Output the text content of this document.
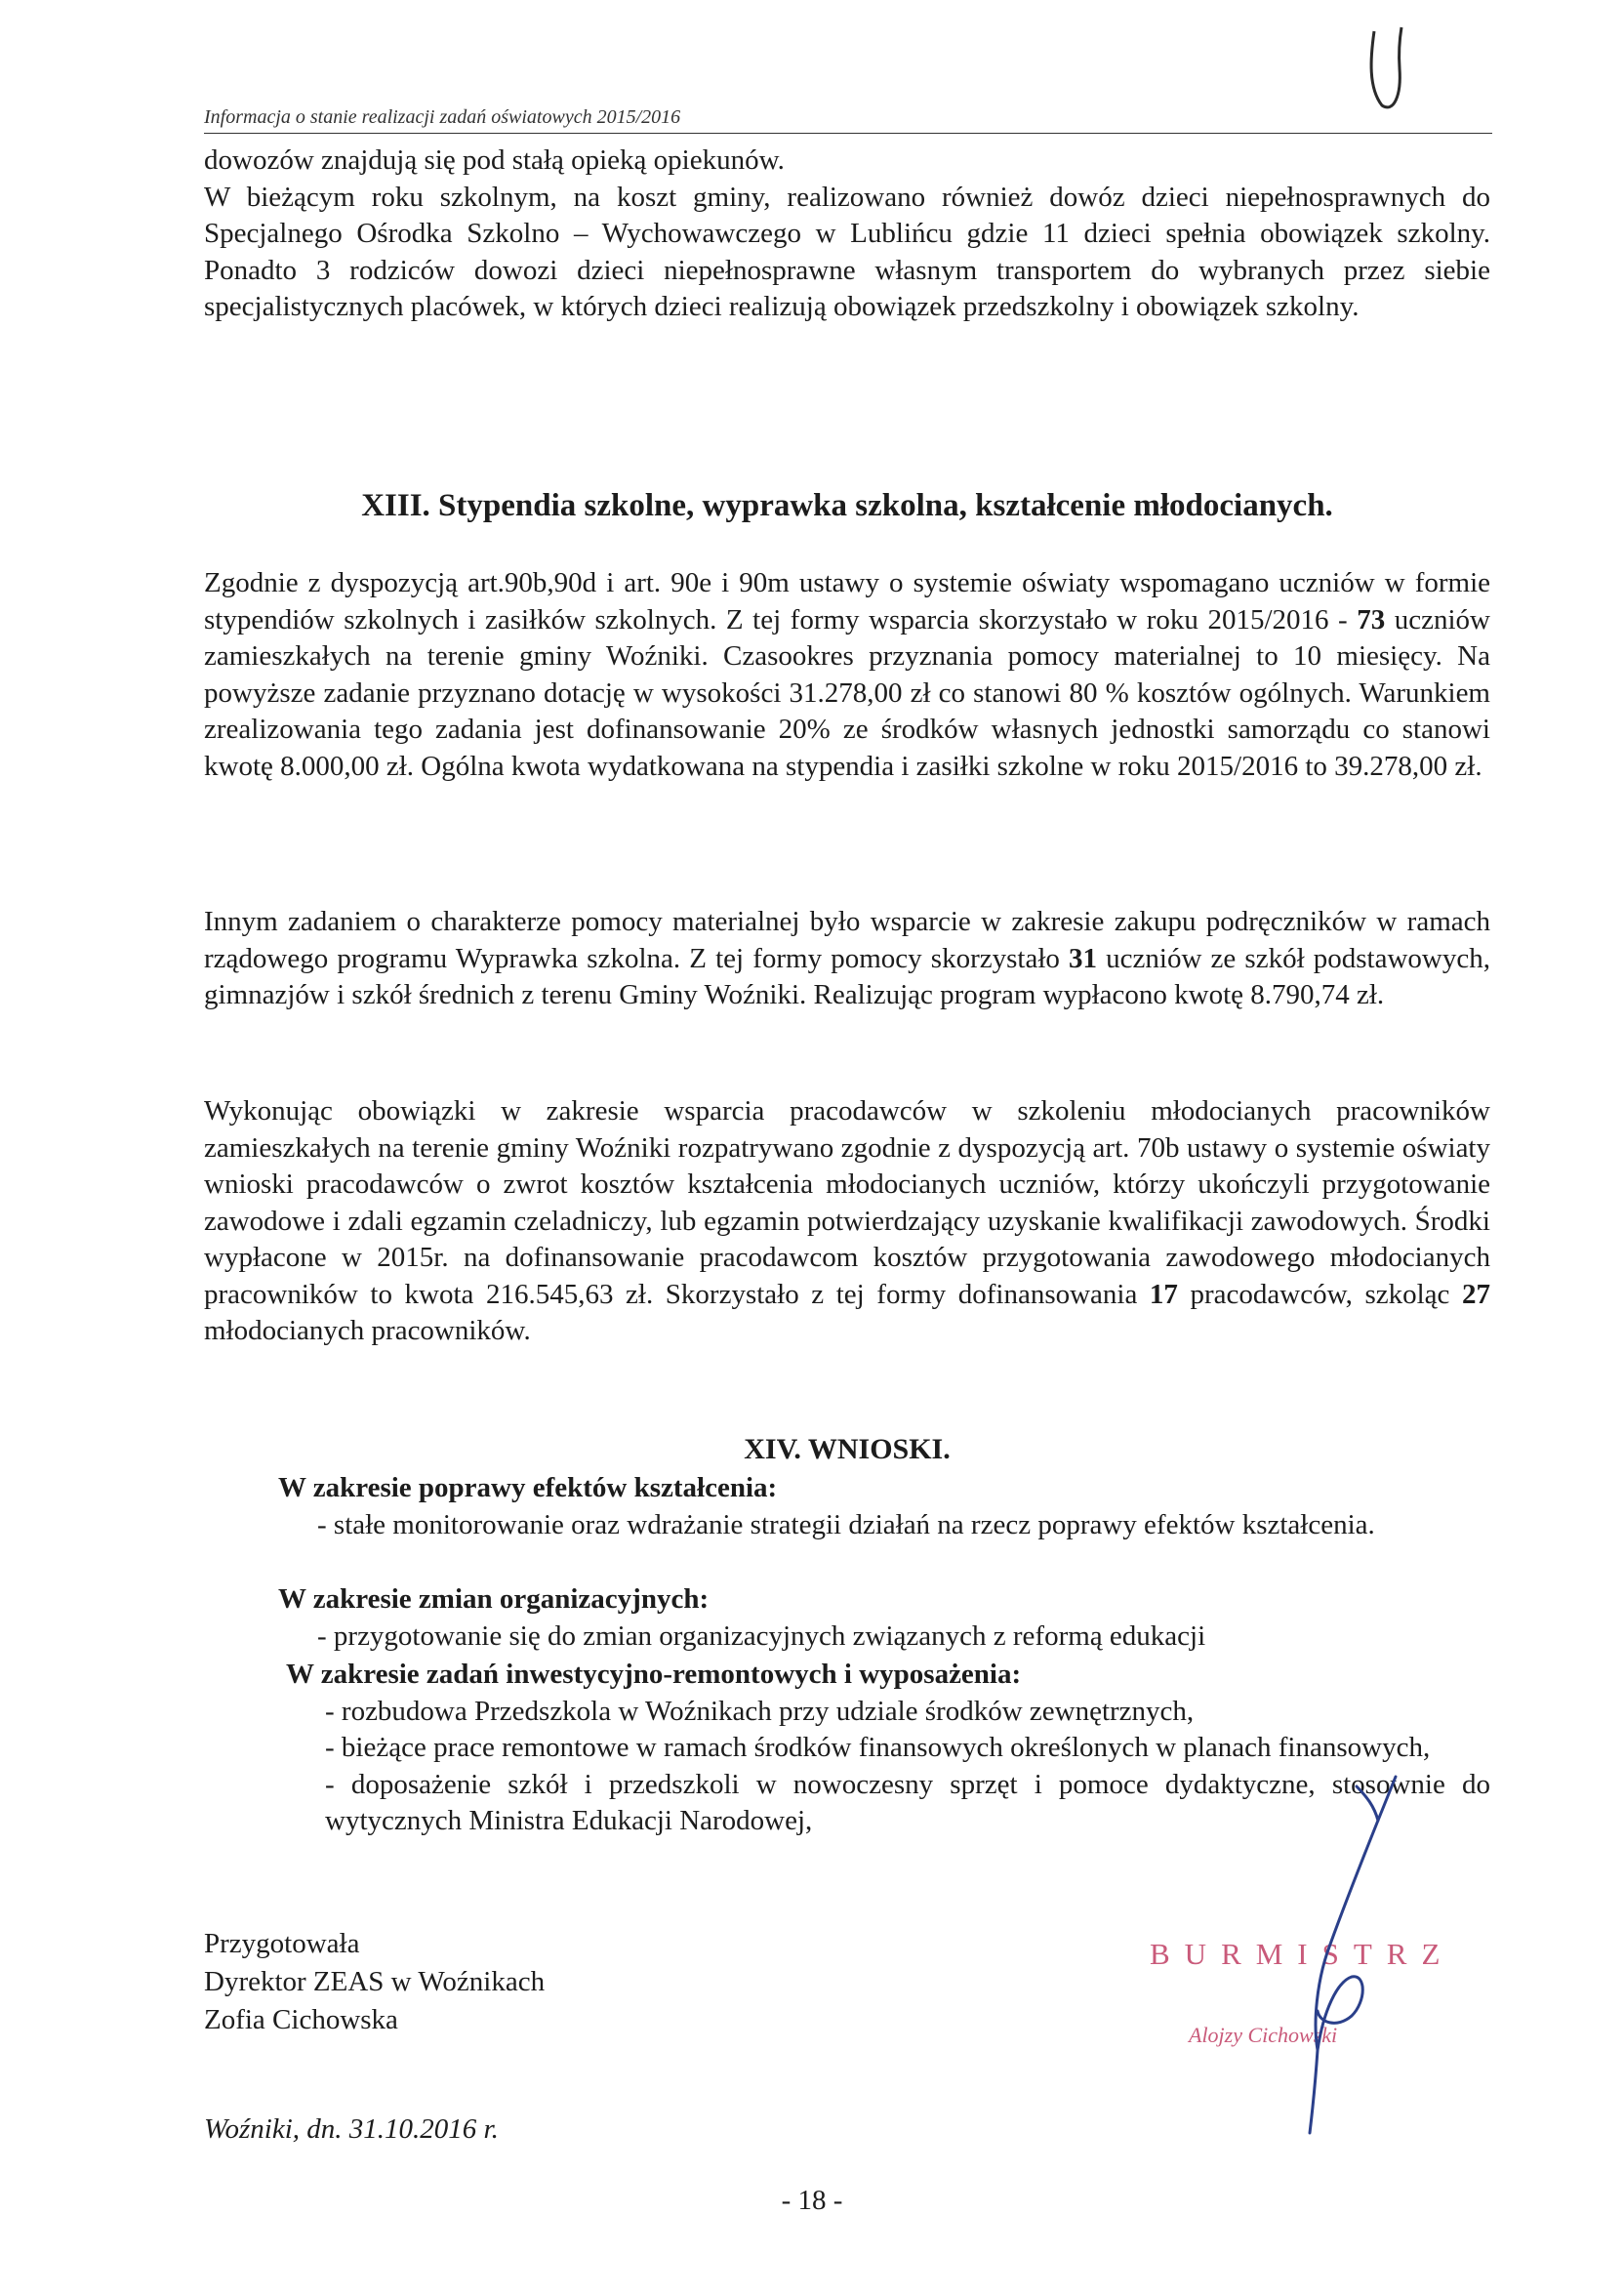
Informacja o stanie realizacji zadań oświatowych 2015/2016

dowozów znajdują się pod stałą opieką opiekunów.

W bieżącym roku szkolnym, na koszt gminy, realizowano również dowóz dzieci niepełnosprawnych do Specjalnego Ośrodka Szkolno – Wychowawczego w Lublińcu gdzie 11 dzieci spełnia obowiązek szkolny. Ponadto 3 rodziców dowozi dzieci niepełnosprawne własnym transportem do wybranych przez siebie specjalistycznych placówek, w których dzieci realizują obowiązek przedszkolny i obowiązek szkolny.

XIII. Stypendia szkolne, wyprawka szkolna, kształcenie młodocianych.

Zgodnie z dyspozycją art.90b,90d i art. 90e i 90m ustawy o systemie oświaty wspomagano uczniów w formie stypendiów szkolnych i zasiłków szkolnych. Z tej formy wsparcia skorzystało w roku 2015/2016 - 73 uczniów zamieszkałych na terenie gminy Woźniki. Czasookres przyznania pomocy materialnej to 10 miesięcy. Na powyższe zadanie przyznano dotację w wysokości 31.278,00 zł co stanowi 80 % kosztów ogólnych. Warunkiem zrealizowania tego zadania jest dofinansowanie 20% ze środków własnych jednostki samorządu co stanowi kwotę 8.000,00 zł. Ogólna kwota wydatkowana na stypendia i zasiłki szkolne w roku 2015/2016 to 39.278,00 zł.

Innym zadaniem o charakterze pomocy materialnej było wsparcie w zakresie zakupu podręczników w ramach rządowego programu Wyprawka szkolna. Z tej formy pomocy skorzystało 31 uczniów ze szkół podstawowych, gimnazjów i szkół średnich z terenu Gminy Woźniki. Realizując program wypłacono kwotę 8.790,74 zł.

Wykonując obowiązki w zakresie wsparcia pracodawców w szkoleniu młodocianych pracowników zamieszkałych na terenie gminy Woźniki rozpatrywano zgodnie z dyspozycją art. 70b ustawy o systemie oświaty wnioski pracodawców o zwrot kosztów kształcenia młodocianych uczniów, którzy ukończyli przygotowanie zawodowe i zdali egzamin czeladniczy, lub egzamin potwierdzający uzyskanie kwalifikacji zawodowych. Środki wypłacone w 2015r. na dofinansowanie pracodawcom kosztów przygotowania zawodowego młodocianych pracowników to kwota 216.545,63 zł. Skorzystało z tej formy dofinansowania 17 pracodawców, szkoląc 27 młodocianych pracowników.

XIV. WNIOSKI.

W zakresie poprawy efektów kształcenia:

- stałe monitorowanie oraz wdrażanie strategii działań na rzecz poprawy efektów kształcenia.

W zakresie zmian organizacyjnych:

- przygotowanie się do zmian organizacyjnych związanych z reformą edukacji

W zakresie zadań inwestycyjno-remontowych i wyposażenia:

- rozbudowa Przedszkola w Woźnikach przy udziale środków zewnętrznych,

- bieżące prace remontowe w ramach środków finansowych określonych w planach finansowych,

- doposażenie szkół i przedszkoli w nowoczesny sprzęt i pomoce dydaktyczne, stosownie do wytycznych Ministra Edukacji Narodowej,

Przygotowała
Dyrektor ZEAS w Woźnikach
Zofia Cichowska
BURMISTRZ
Alojzy Cichowski
Woźniki, dn. 31.10.2016 r.
- 18 -
